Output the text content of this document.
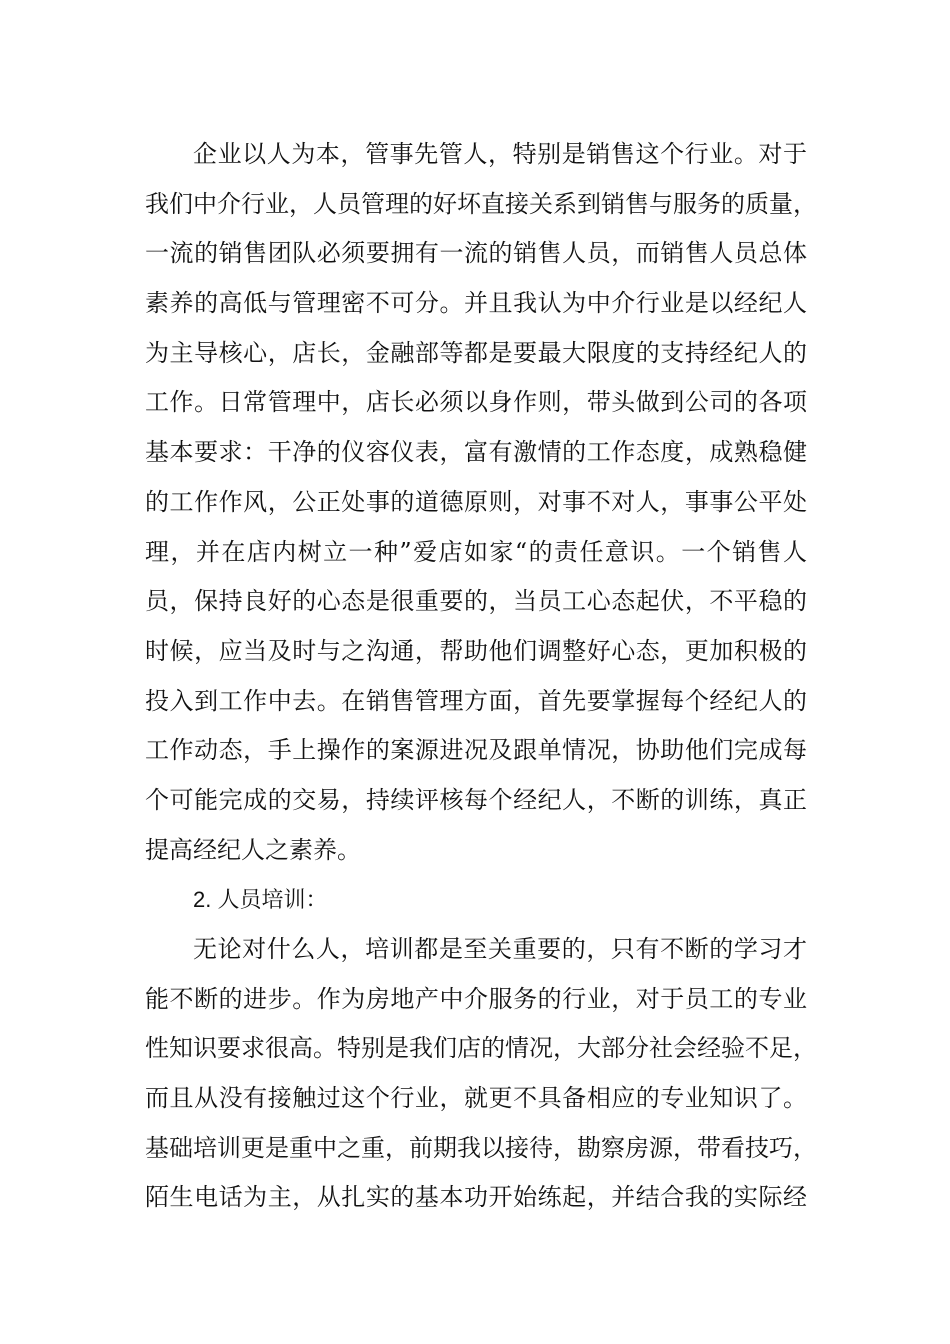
企业以人为本，管事先管人，特别是销售这个行业。对于
我们中介行业，人员管理的好坏直接关系到销售与服务的质量，
一流的销售团队必须要拥有一流的销售人员，而销售人员总体
素养的高低与管理密不可分。并且我认为中介行业是以经纪人
为主导核心，店长，金融部等都是要最大限度的支持经纪人的
工作。日常管理中，店长必须以身作则，带头做到公司的各项
基本要求：干净的仪容仪表，富有激情的工作态度，成熟稳健
的工作作风，公正处事的道德原则，对事不对人，事事公平处
理，并在店内树立一种”爱店如家“的责任意识。一个销售人
员，保持良好的心态是很重要的，当员工心态起伏，不平稳的
时候，应当及时与之沟通，帮助他们调整好心态，更加积极的
投入到工作中去。在销售管理方面，首先要掌握每个经纪人的
工作动态，手上操作的案源进况及跟单情况，协助他们完成每
个可能完成的交易，持续评核每个经纪人，不断的训练，真正
提高经纪人之素养。
2. 人员培训：
无论对什么人，培训都是至关重要的，只有不断的学习才
能不断的进步。作为房地产中介服务的行业，对于员工的专业
性知识要求很高。特别是我们店的情况，大部分社会经验不足，
而且从没有接触过这个行业，就更不具备相应的专业知识了。
基础培训更是重中之重，前期我以接待，勘察房源，带看技巧，
陌生电话为主，从扎实的基本功开始练起，并结合我的实际经
